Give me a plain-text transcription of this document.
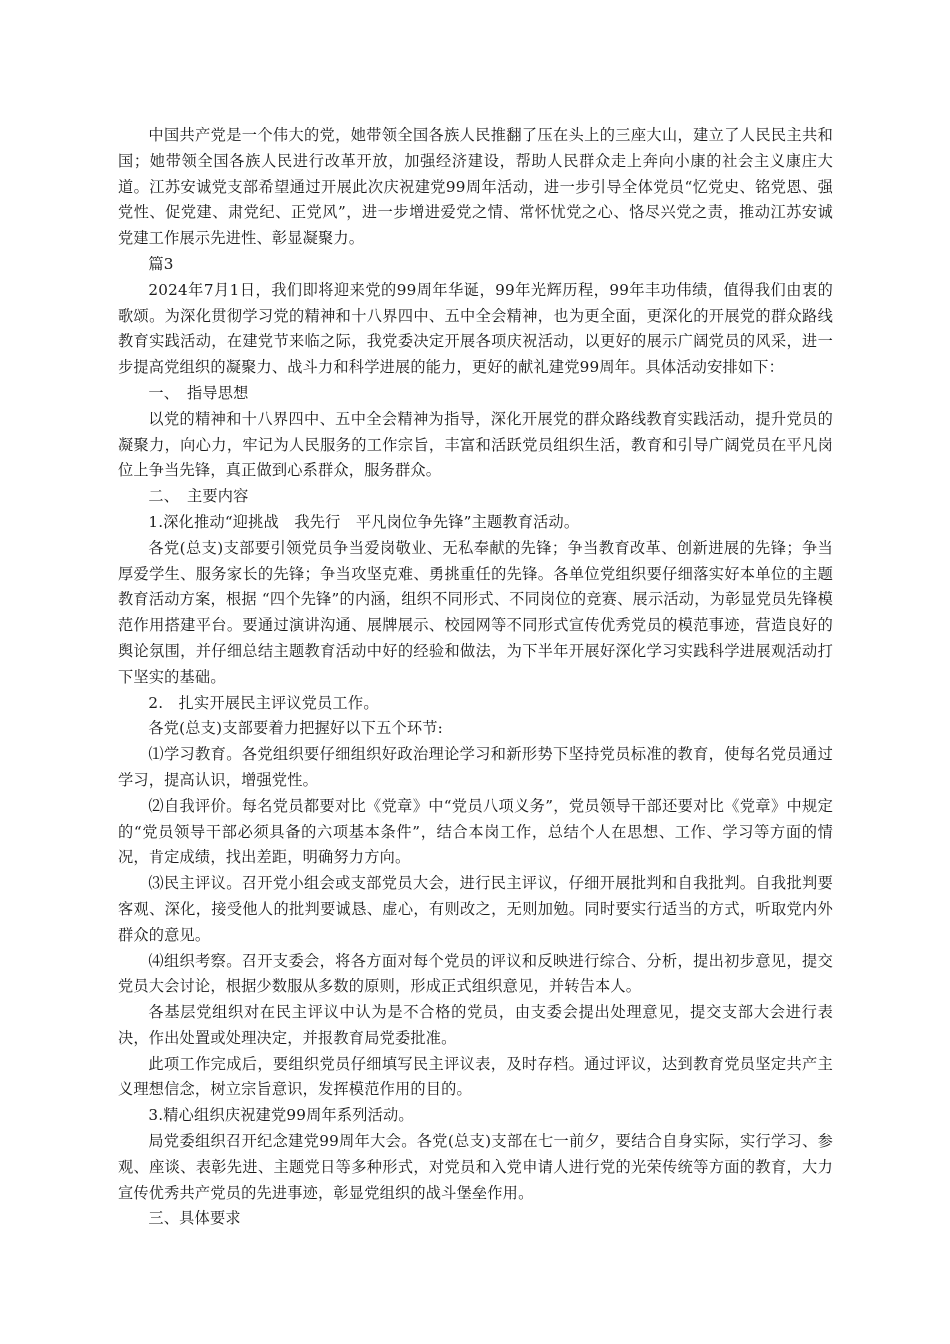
中国共产党是一个伟大的党，她带领全国各族人民推翻了压在头上的三座大山，建立了人民民主共和国；她带领全国各族人民进行改革开放，加强经济建设，帮助人民群众走上奔向小康的社会主义康庄大道。江苏安诚党支部希望通过开展此次庆祝建党99周年活动，进一步引导全体党员“忆党史、铭党恩、强党性、促党建、肃党纪、正党风”，进一步增进爱党之情、常怀忧党之心、恪尽兴党之责，推动江苏安诚党建工作展示先进性、彰显凝聚力。

篇3

2024年7月1日，我们即将迎来党的99周年华诞，99年光辉历程，99年丰功伟绩，值得我们由衷的歌颂。为深化贯彻学习党的精神和十八界四中、五中全会精神，也为更全面，更深化的开展党的群众路线教育实践活动，在建党节来临之际，我党委决定开展各项庆祝活动，以更好的展示广阔党员的风采，进一步提高党组织的凝聚力、战斗力和科学进展的能力，更好的献礼建党99周年。具体活动安排如下：

一、　指导思想

以党的精神和十八界四中、五中全会精神为指导，深化开展党的群众路线教育实践活动，提升党员的凝聚力，向心力，牢记为人民服务的工作宗旨，丰富和活跃党员组织生活，教育和引导广阔党员在平凡岗位上争当先锋，真正做到心系群众，服务群众。

二、　主要内容

1.深化推动“迎挑战　我先行　平凡岗位争先锋”主题教育活动。

各党(总支)支部要引领党员争当爱岗敬业、无私奉献的先锋；争当教育改革、创新进展的先锋；争当厚爱学生、服务家长的先锋；争当攻坚克难、勇挑重任的先锋。各单位党组织要仔细落实好本单位的主题教育活动方案，根据 “四个先锋”的内涵，组织不同形式、不同岗位的竞赛、展示活动，为彰显党员先锋模范作用搭建平台。要通过演讲沟通、展牌展示、校园网等不同形式宣传优秀党员的模范事迹，营造良好的舆论氛围，并仔细总结主题教育活动中好的经验和做法，为下半年开展好深化学习实践科学进展观活动打下坚实的基础。

2.　扎实开展民主评议党员工作。

各党(总支)支部要着力把握好以下五个环节:

⑴学习教育。各党组织要仔细组织好政治理论学习和新形势下坚持党员标准的教育，使每名党员通过学习，提高认识，增强党性。

⑵自我评价。每名党员都要对比《党章》中“党员八项义务”，党员领导干部还要对比《党章》中规定的“党员领导干部必须具备的六项基本条件”，结合本岗工作，总结个人在思想、工作、学习等方面的情况，肯定成绩，找出差距，明确努力方向。

⑶民主评议。召开党小组会或支部党员大会，进行民主评议，仔细开展批判和自我批判。自我批判要客观、深化，接受他人的批判要诚恳、虚心，有则改之，无则加勉。同时要实行适当的方式，听取党内外群众的意见。

⑷组织考察。召开支委会，将各方面对每个党员的评议和反映进行综合、分析，提出初步意见，提交党员大会讨论，根据少数服从多数的原则，形成正式组织意见，并转告本人。

各基层党组织对在民主评议中认为是不合格的党员，由支委会提出处理意见，提交支部大会进行表决，作出处置或处理决定，并报教育局党委批准。

此项工作完成后，要组织党员仔细填写民主评议表，及时存档。通过评议，达到教育党员坚定共产主义理想信念，树立宗旨意识，发挥模范作用的目的。

3.精心组织庆祝建党99周年系列活动。

局党委组织召开纪念建党99周年大会。各党(总支)支部在七一前夕，要结合自身实际，实行学习、参观、座谈、表彰先进、主题党日等多种形式，对党员和入党申请人进行党的光荣传统等方面的教育，大力宣传优秀共产党员的先进事迹，彰显党组织的战斗堡垒作用。

三、具体要求
